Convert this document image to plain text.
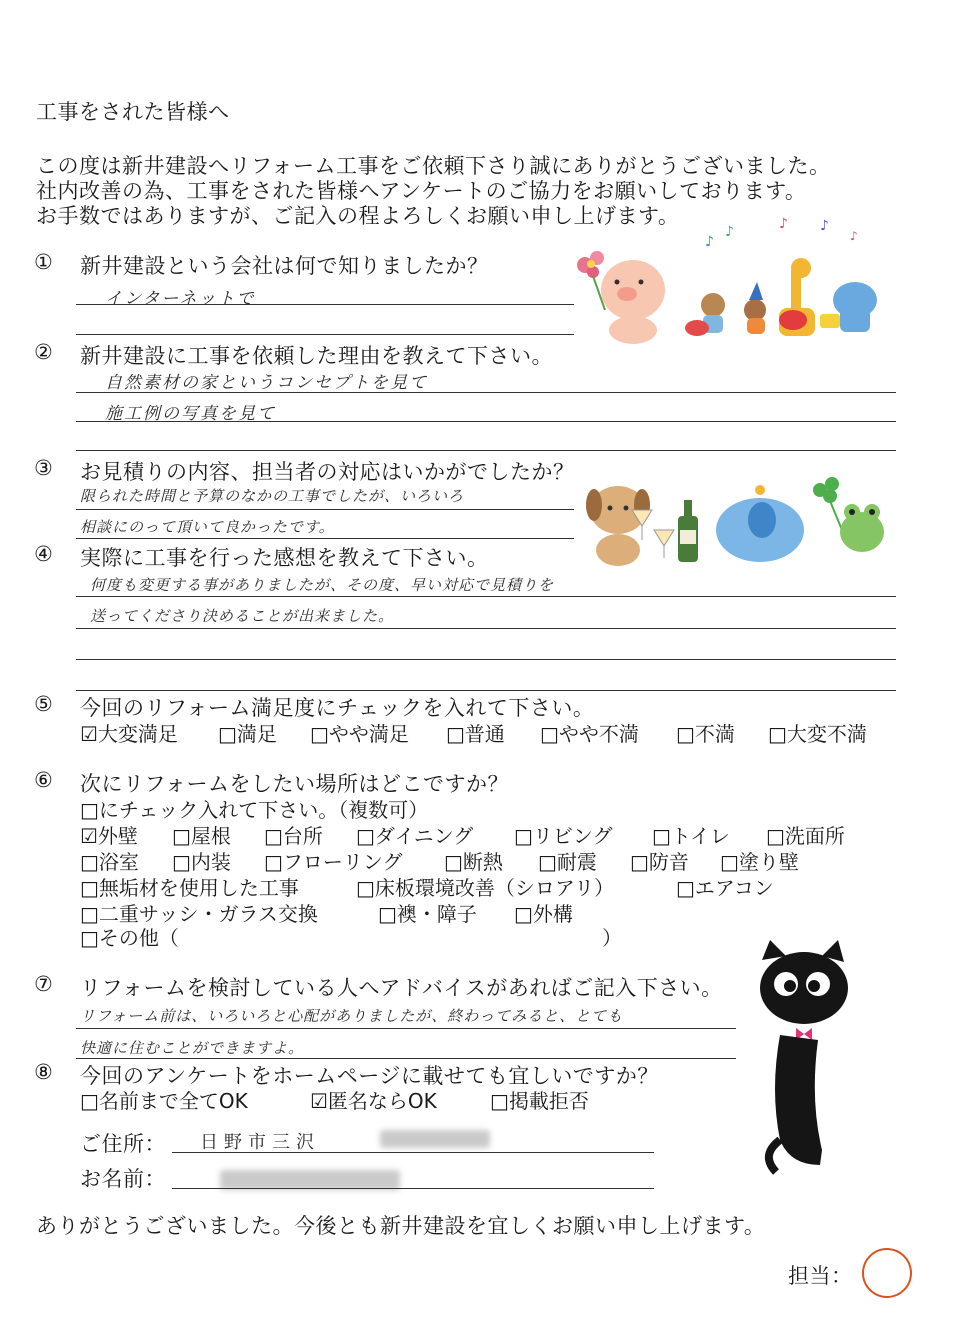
工事をされた皆様へ
この度は新井建設へリフォーム工事をご依頼下さり誠にありがとうございました。
社内改善の為、工事をされた皆様へアンケートのご協力をお願いしております。
お手数ではありますが、ご記入の程よろしくお願い申し上げます。
① 新井建設という会社は何で知りましたか？
インターネットで
② 新井建設に工事を依頼した理由を教えて下さい。
自然素材の家というコンセプトを見て
施工例の写真を見て
③ お見積りの内容、担当者の対応はいかがでしたか？
限られた時間と予算のなかの工事でしたが、いろいろ
相談にのって頂いて良かったです。
④ 実際に工事を行った感想を教えて下さい。
何度も変更する事がありましたが、その度、早い対応で見積りを
送ってくださり決めることが出来ました。
⑤ 今回のリフォーム満足度にチェックを入れて下さい。
☑大変満足 □満足 □やや満足 □普通 □やや不満 □不満 □大変不満
⑥ 次にリフォームをしたい場所はどこですか？
□にチェック入れて下さい。（複数可）
☑外壁 □屋根 □台所 □ダイニング □リビング □トイレ □洗面所
□浴室 □内装 □フローリング □断熱 □耐震 □防音 □塗り壁
□無垢材を使用した工事	□床板環境改善（シロアリ）	□エアコン
□二重サッシ・ガラス交換	□襖・障子 □外構
□その他（	）
⑦ リフォームを検討している人へアドバイスがあればご記入下さい。
リフォーム前は、いろいろと心配がありましたが、終わってみると、とても
快適に住むことができますよ。
⑧ 今回のアンケートをホームページに載せても宜しいですか？
□名前まで全てOK	☑匿名ならOK	□掲載拒否
ご住所： 日野市三沢
お名前：
ありがとうございました。今後とも新井建設を宜しくお願い申し上げます。
担当：
♪
♪	♪ ♪
♪
